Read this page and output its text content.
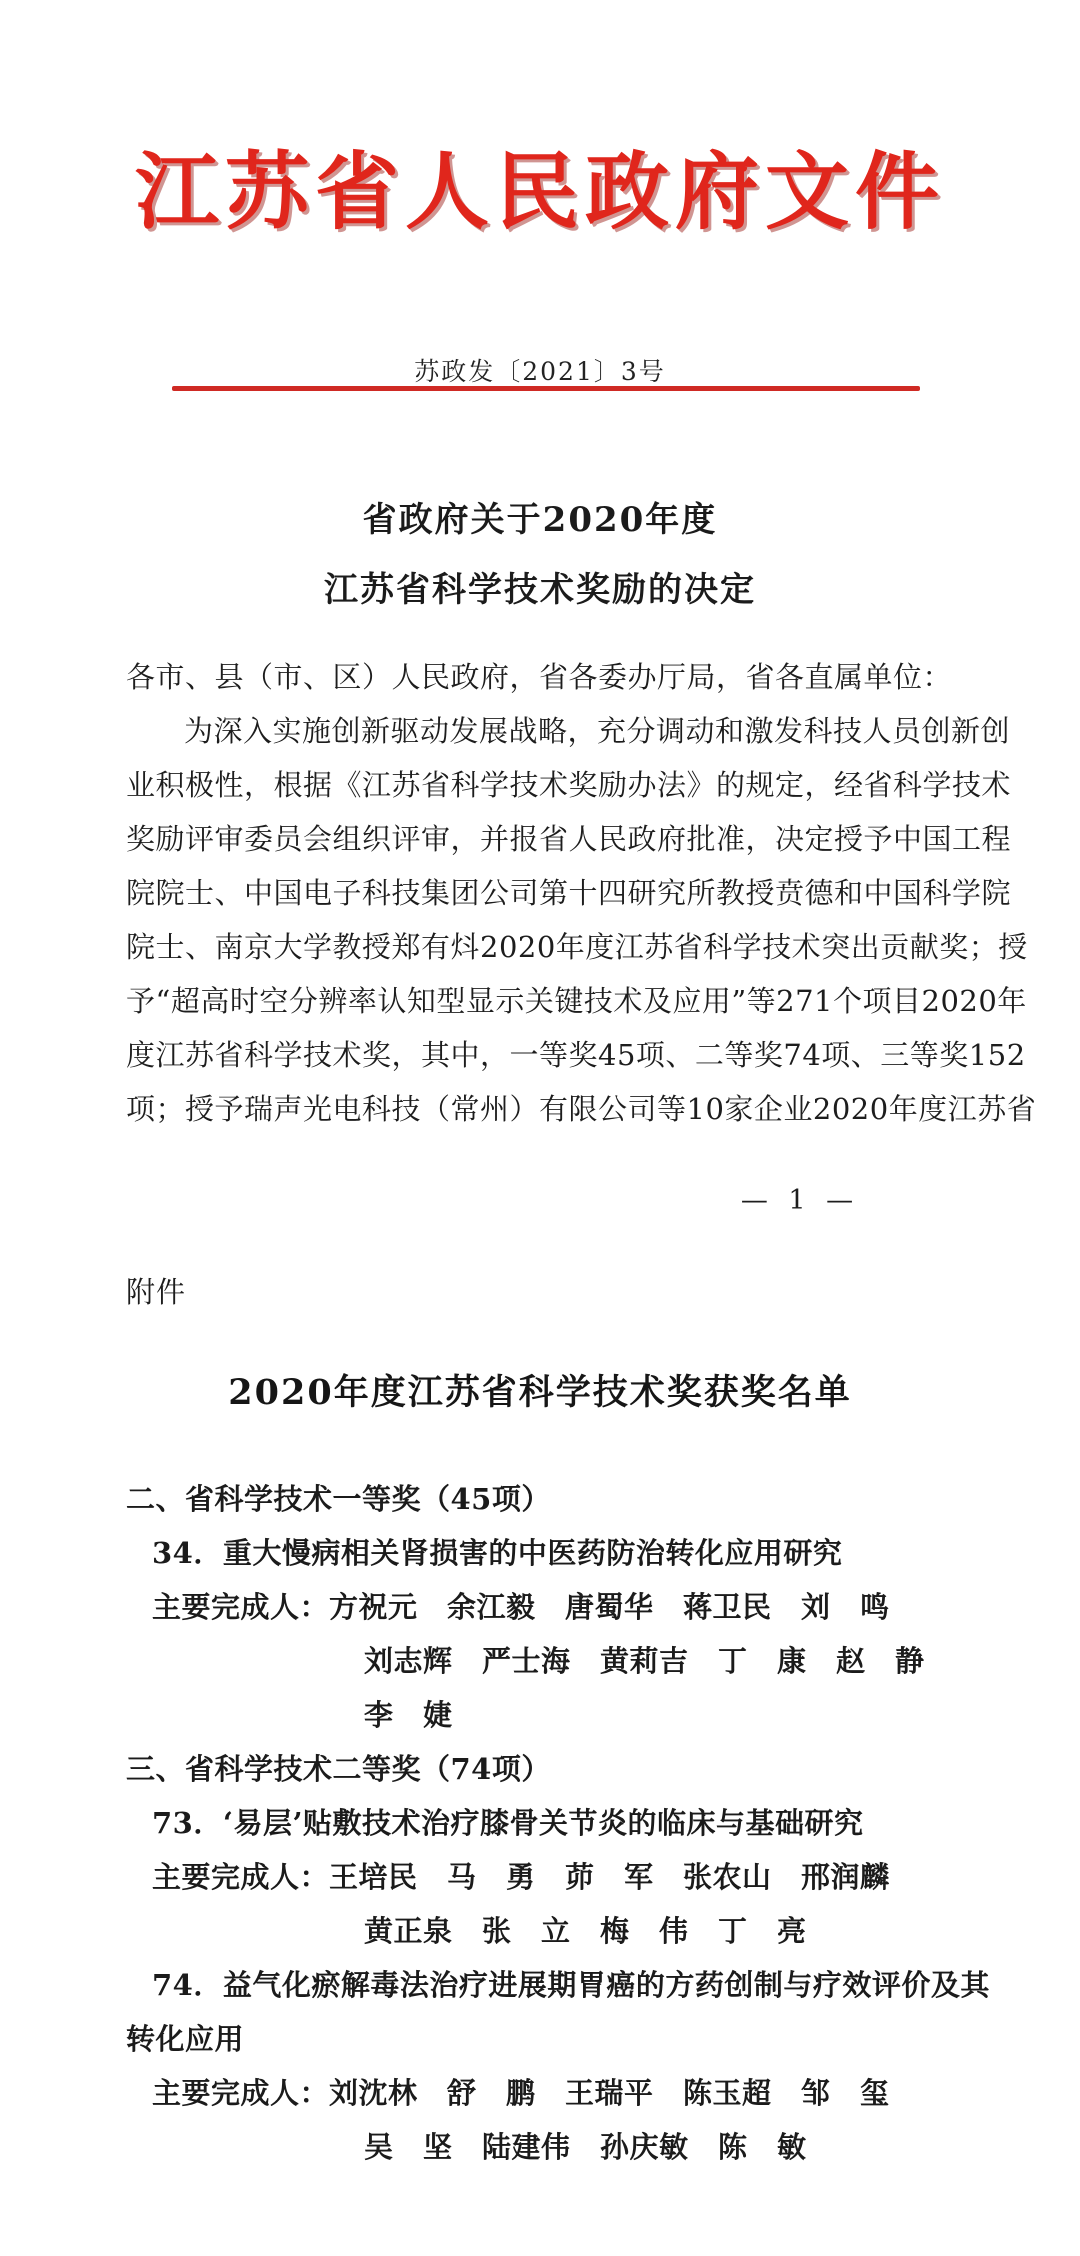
江苏省人民政府文件
苏政发〔2021〕3号
省政府关于2020年度
江苏省科学技术奖励的决定
各市、县（市、区）人民政府，省各委办厅局，省各直属单位：
为深入实施创新驱动发展战略，充分调动和激发科技人员创新创
业积极性，根据《江苏省科学技术奖励办法》的规定，经省科学技术
奖励评审委员会组织评审，并报省人民政府批准，决定授予中国工程
院院士、中国电子科技集团公司第十四研究所教授贲德和中国科学院
院士、南京大学教授郑有炓2020年度江苏省科学技术突出贡献奖；授
予“超高时空分辨率认知型显示关键技术及应用”等271个项目2020年
度江苏省科学技术奖，其中，一等奖45项、二等奖74项、三等奖152
项；授予瑞声光电科技（常州）有限公司等10家企业2020年度江苏省
— 1 —
附件
2020年度江苏省科学技术奖获奖名单
二、省科学技术一等奖（45项）
34．重大慢病相关肾损害的中医药防治转化应用研究
主要完成人：方祝元　余江毅　唐蜀华　蒋卫民　刘　鸣
刘志辉　严士海　黄莉吉　丁　康　赵　静
李　婕
三、省科学技术二等奖（74项）
73．‘易层’贴敷技术治疗膝骨关节炎的临床与基础研究
主要完成人：王培民　马　勇　茆　军　张农山　邢润麟
黄正泉　张　立　梅　伟　丁　亮
74．益气化瘀解毒法治疗进展期胃癌的方药创制与疗效评价及其
转化应用
主要完成人：刘沈林　舒　鹏　王瑞平　陈玉超　邹　玺
吴　坚　陆建伟　孙庆敏　陈　敏
